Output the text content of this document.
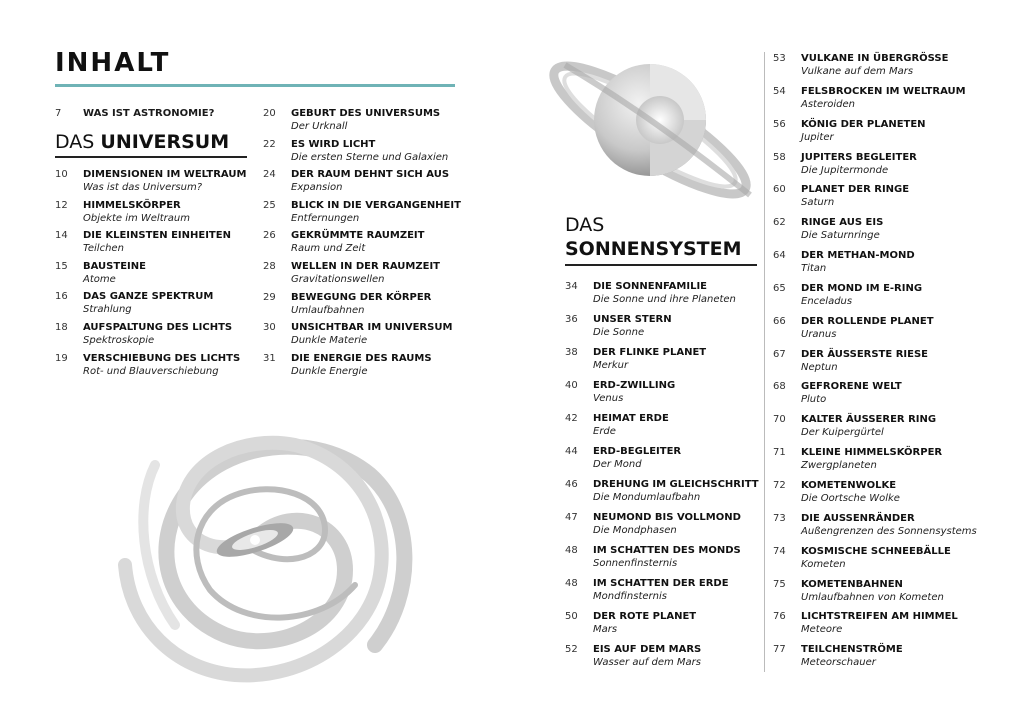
INHALT
7 WAS IST ASTRONOMIE?
DAS UNIVERSUM
10 DIMENSIONEN IM WELTRAUM
Was ist das Universum?
12 HIMMELSKÖRPER
Objekte im Weltraum
14 DIE KLEINSTEN EINHEITEN
Teilchen
15 BAUSTEINE
Atome
16 DAS GANZE SPEKTRUM
Strahlung
18 AUFSPALTUNG DES LICHTS
Spektroskopie
19 VERSCHIEBUNG DES LICHTS
Rot- und Blauverschiebung
20 GEBURT DES UNIVERSUMS
Der Urknall
22 ES WIRD LICHT
Die ersten Sterne und Galaxien
24 DER RAUM DEHNT SICH AUS
Expansion
25 BLICK IN DIE VERGANGENHEIT
Entfernungen
26 GEKRÜMMTE RAUMZEIT
Raum und Zeit
28 WELLEN IN DER RAUMZEIT
Gravitationswellen
29 BEWEGUNG DER KÖRPER
Umlaufbahnen
30 UNSICHTBAR IM UNIVERSUM
Dunkle Materie
31 DIE ENERGIE DES RAUMS
Dunkle Energie
DAS
SONNENSYSTEM
34 DIE SONNENFAMILIE
Die Sonne und ihre Planeten
36 UNSER STERN
Die Sonne
38 DER FLINKE PLANET
Merkur
40 ERD-ZWILLING
Venus
42 HEIMAT ERDE
Erde
44 ERD-BEGLEITER
Der Mond
46 DREHUNG IM GLEICHSCHRITT
Die Mondumlaufbahn
47 NEUMOND BIS VOLLMOND
Die Mondphasen
48 IM SCHATTEN DES MONDS
Sonnenfinsternis
48 IM SCHATTEN DER ERDE
Mondfinsternis
50 DER ROTE PLANET
Mars
52 EIS AUF DEM MARS
Wasser auf dem Mars
53 VULKANE IN ÜBERGRÖSSE
Vulkane auf dem Mars
54 FELSBROCKEN IM WELTRAUM
Asteroiden
56 KÖNIG DER PLANETEN
Jupiter
58 JUPITERS BEGLEITER
Die Jupitermonde
60 PLANET DER RINGE
Saturn
62 RINGE AUS EIS
Die Saturnringe
64 DER METHAN-MOND
Titan
65 DER MOND IM E-RING
Enceladus
66 DER ROLLENDE PLANET
Uranus
67 DER ÄUSSERSTE RIESE
Neptun
68 GEFRORENE WELT
Pluto
70 KALTER ÄUSSERER RING
Der Kuipergürtel
71 KLEINE HIMMELSKÖRPER
Zwergplaneten
72 KOMETENWOLKE
Die Oortsche Wolke
73 DIE AUSSENRÄNDER
Außengrenzen des Sonnensystems
74 KOSMISCHE SCHNEEBÄLLE
Kometen
75 KOMETENBAHNEN
Umlaufbahnen von Kometen
76 LICHTSTREIFEN AM HIMMEL
Meteore
77 TEILCHENSTRÖME
Meteorschauer
